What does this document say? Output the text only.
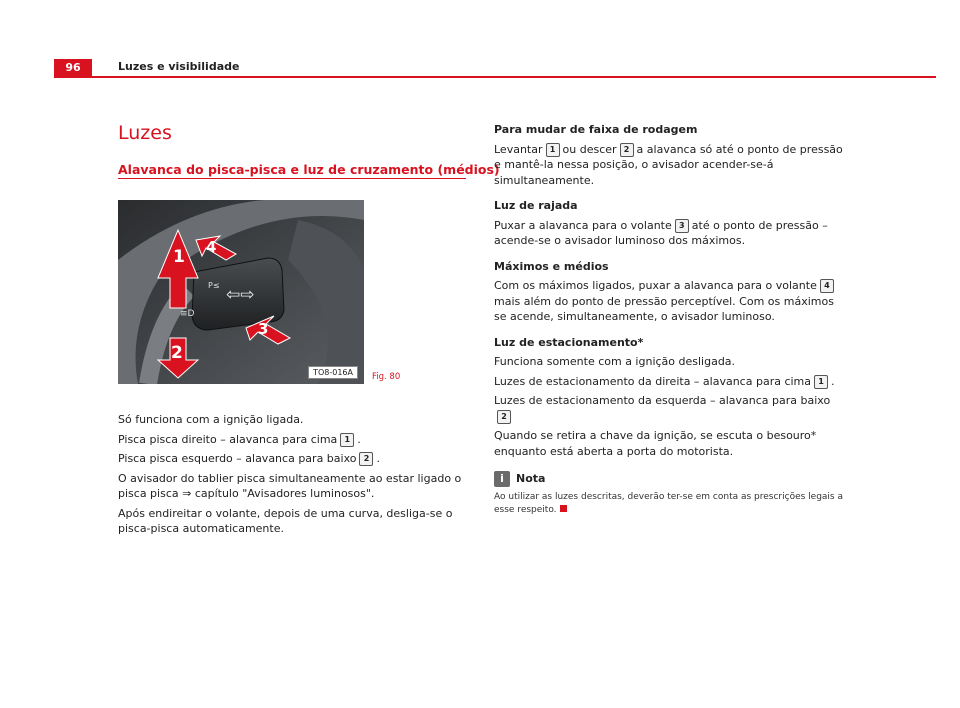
96	Luzes e visibilidade
Luzes
Alavanca do pisca-pisca e luz de cruzamento (médios)
⇦⇨
P≤
≡D
1
2
3
4
TO8-016A	Fig. 80

Só funciona com a ignição ligada.

Pisca pisca direito – alavanca para cima 1 .

Pisca pisca esquerdo – alavanca para baixo 2 .

O avisador do tablier pisca simultaneamente ao estar ligado o pisca pisca ⇒ capítulo "Avisadores luminosos".

Após endireitar o volante, depois de uma curva, desliga-se o pisca-pisca automaticamente.

Para mudar de faixa de rodagem

Levantar 1 ou descer 2 a alavanca só até o ponto de pressão e mantê-la nessa posição, o avisador acender-se-á simultaneamente.

Luz de rajada

Puxar a alavanca para o volante 3 até o ponto de pressão – acende-se o avisador luminoso dos máximos.

Máximos e médios

Com os máximos ligados, puxar a alavanca para o volante 4mais além do ponto de pressão perceptível. Com os máximos se acende, simultaneamente, o avisador luminoso.

Luz de estacionamento*

Funciona somente com a ignição desligada.

Luzes de estacionamento da direita – alavanca para cima 1 .

Luzes de estacionamento da esquerda – alavanca para baixo2

Quando se retira a chave da ignição, se escuta o besouro* enquanto está aberta a porta do motorista.

i	Nota
Ao utilizar as luzes descritas, deverão ter-se em conta as prescrições legais a esse respeito.
